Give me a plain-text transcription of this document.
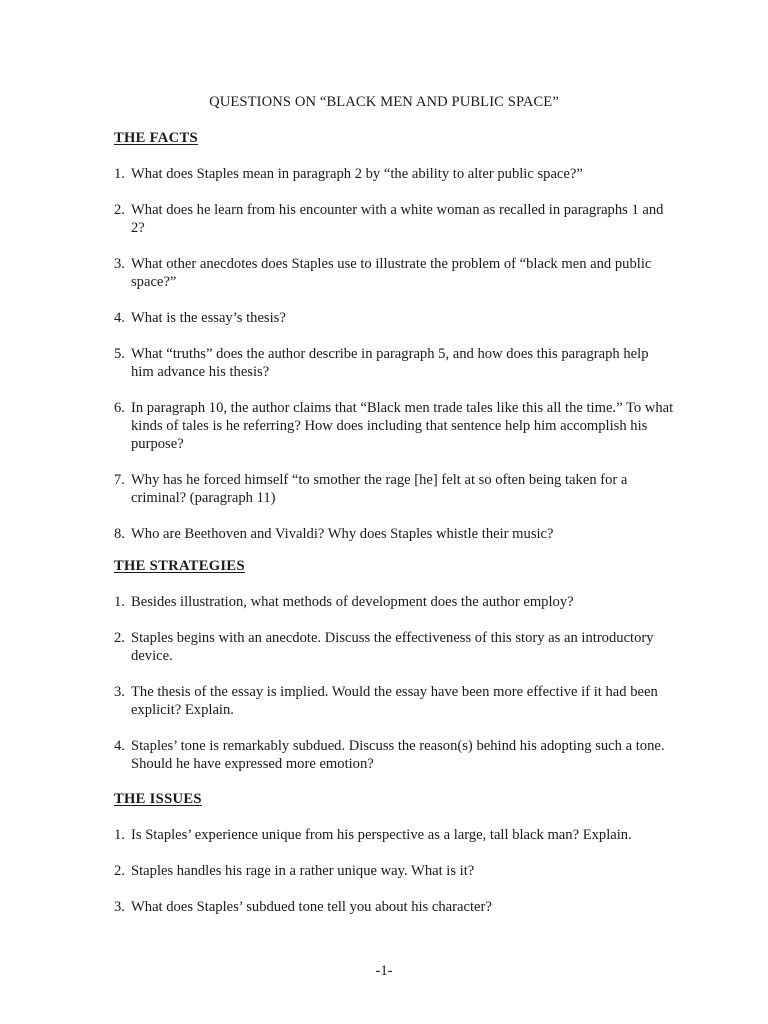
QUESTIONS ON “BLACK MEN AND PUBLIC SPACE”
THE FACTS
1. What does Staples mean in paragraph 2 by “the ability to alter public space?”
2. What does he learn from his encounter with a white woman as recalled in paragraphs 1 and 2?
3. What other anecdotes does Staples use to illustrate the problem of “black men and public space?”
4. What is the essay’s thesis?
5. What “truths” does the author describe in paragraph 5, and how does this paragraph help him advance his thesis?
6. In paragraph 10, the author claims that “Black men trade tales like this all the time.” To what kinds of tales is he referring? How does including that sentence help him accomplish his purpose?
7. Why has he forced himself “to smother the rage [he] felt at so often being taken for a criminal? (paragraph 11)
8. Who are Beethoven and Vivaldi? Why does Staples whistle their music?
THE STRATEGIES
1. Besides illustration, what methods of development does the author employ?
2. Staples begins with an anecdote. Discuss the effectiveness of this story as an introductory device.
3. The thesis of the essay is implied. Would the essay have been more effective if it had been explicit? Explain.
4. Staples’ tone is remarkably subdued. Discuss the reason(s) behind his adopting such a tone. Should he have expressed more emotion?
THE ISSUES
1. Is Staples’ experience unique from his perspective as a large, tall black man? Explain.
2. Staples handles his rage in a rather unique way. What is it?
3. What does Staples’ subdued tone tell you about his character?

-1-
